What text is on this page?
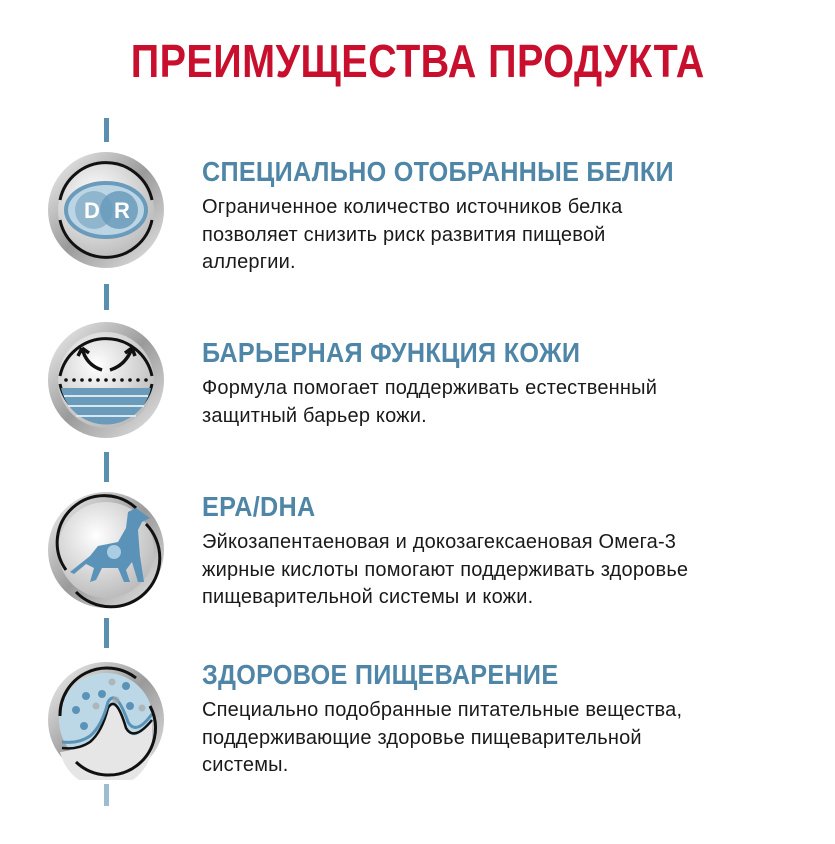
ПРЕИМУЩЕСТВА ПРОДУКТА
D R
СПЕЦИАЛЬНО ОТОБРАННЫЕ БЕЛКИ

Ограниченное количество источников белка
позволяет снизить риск развития пищевой
аллергии.

БАРЬЕРНАЯ ФУНКЦИЯ КОЖИ

Формула помогает поддерживать естественный
защитный барьер кожи.

EPA/DHA

Эйкозапентаеновая и докозагексаеновая Омега-3
жирные кислоты помогают поддерживать здоровье
пищеварительной системы и кожи.

ЗДОРОВОЕ ПИЩЕВАРЕНИЕ

Специально подобранные питательные вещества,
поддерживающие здоровье пищеварительной
системы.
